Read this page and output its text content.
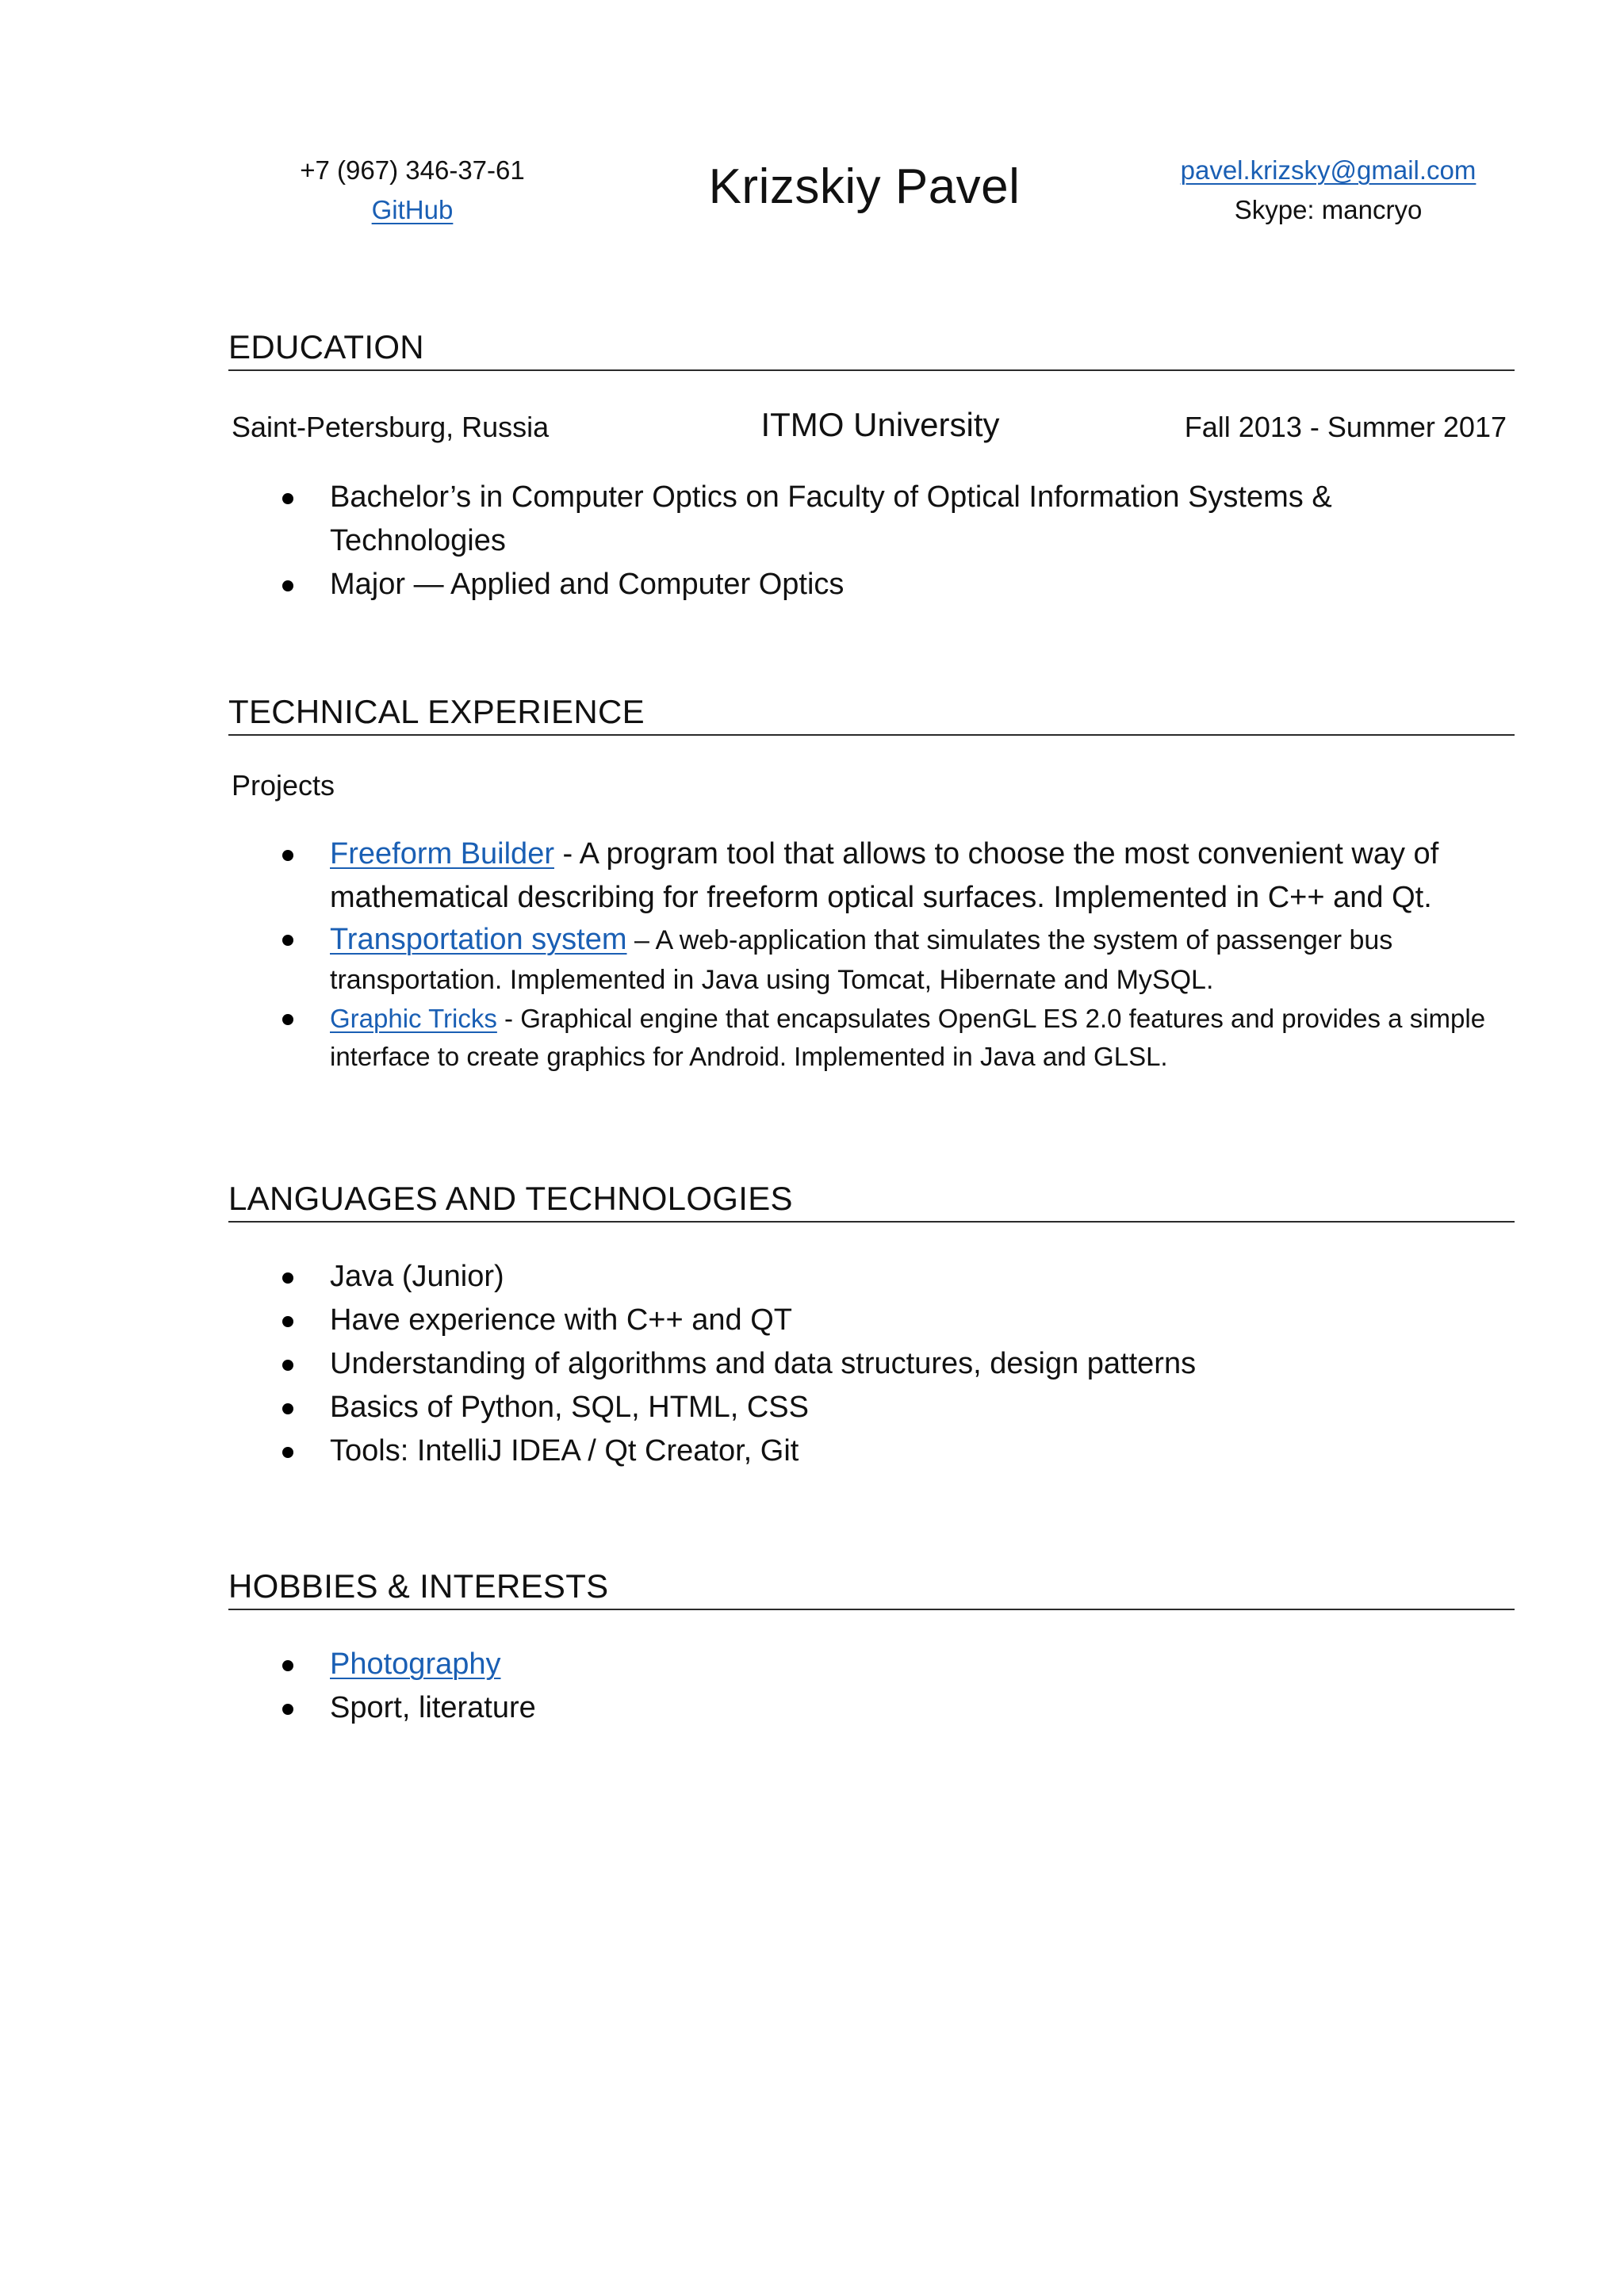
+7 (967) 346-37-61
GitHub	Krizskiy Pavel	pavel.krizsky@gmail.com
Skype: mancryo
EDUCATION
Saint-Petersburg, Russia	ITMO University	Fall 2013 - Summer 2017
Bachelor’s in Computer Optics on Faculty of Optical Information Systems & Technologies
Major — Applied and Computer Optics
TECHNICAL EXPERIENCE
Projects
Freeform Builder - A program tool that allows to choose the most convenient way of mathematical describing for freeform optical surfaces. Implemented in C++ and Qt.
Transportation system – A web-application that simulates the system of passenger bus transportation. Implemented in Java using Tomcat, Hibernate and MySQL.
Graphic Tricks - Graphical engine that encapsulates OpenGL ES 2.0 features and provides a simple interface to create graphics for Android. Implemented in Java and GLSL.
LANGUAGES AND TECHNOLOGIES
Java (Junior)
Have experience with C++ and QT
Understanding of algorithms and data structures, design patterns
Basics of Python, SQL, HTML, CSS
Tools: IntelliJ IDEA / Qt Creator, Git
HOBBIES & INTERESTS
Photography
Sport, literature
